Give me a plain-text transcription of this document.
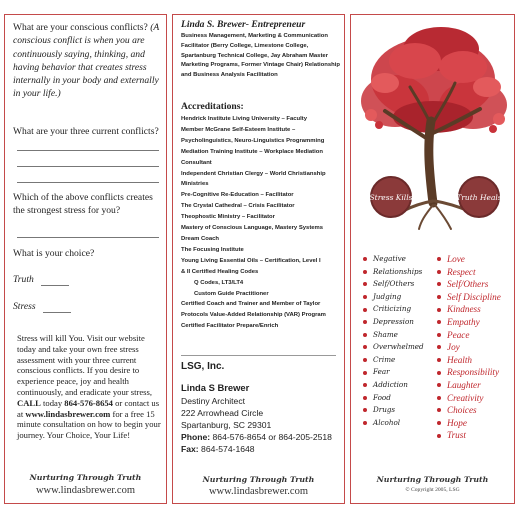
What are your conscious conflicts? (A conscious conflict is when you are continuously saying, thinking, and having behavior that creates stress internally in your body and externally in your life.)
What are your three current conflicts?
Which of the above conflicts creates the strongest stress for you?
What is your choice?
Truth
Stress
Stress will kill You. Visit our website today and take your own free stress assessment with your three current conscious conflicts. If you desire to experience peace, joy and health continuously, and eradicate your stress, CALL today 864-576-8654 or contact us at www.lindasbrewer.com for a free 15 minute consultation on how to begin your journey. Your Choice, Your Life!
Nurturing Through Truth
www.lindasbrewer.com
Linda S. Brewer- Entrepreneur
Business Management, Marketing & Communication Facilitator (Berry College, Limestone College, Spartanburg Technical College, Jay Abraham Master Marketing Programs, Former Vintage Chair) Relationship and Business Analysis Facilitation
Accreditations:
Hendrick Institute Living University – Faculty
Member McGrane Self-Esteem Institute –
Psycholinguistics, Neuro-Linguistics Programming
Mediation Training Institute – Workplace Mediation
Consultant
Independent Christian Clergy – World Christianship
Ministries
Pre-Cognitive Re-Education – Facilitator
The Crystal Cathedral – Crisis Facilitator
Theophostic Ministry – Facilitator
Mastery of Conscious Language, Mastery Systems
Dream Coach
The Focusing Institute
Young Living Essential Oils – Certification, Level I
& II Certified Healing Codes
Q Codes, LT3/LT4
Custom Guide Practitioner
Certified Coach and Trainer and Member of Taylor
Protocols Value-Added Relationship (VAR) Program
Certified Facilitator Prepare/Enrich
LSG, Inc.
Linda S Brewer
Destiny Architect
222 Arrowhead Circle
Spartanburg, SC 29301
Phone: 864-576-8654 or 864-205-2518
Fax: 864-574-1648
Nurturing Through Truth
www.lindasbrewer.com
Stress Kills	Truth Heals
Negative
Relationships
Self/Others
Judging
Criticizing
Depression
Shame
Overwhelmed
Crime
Fear
Addiction
Food
Drugs
Alcohol
Love
Respect
Self/Others
Self Discipline
Kindness
Empathy
Peace
Joy
Health
Responsibility
Laughter
Creativity
Choices
Hope
Trust
Nurturing Through Truth
© Copyright 2005, LSG
